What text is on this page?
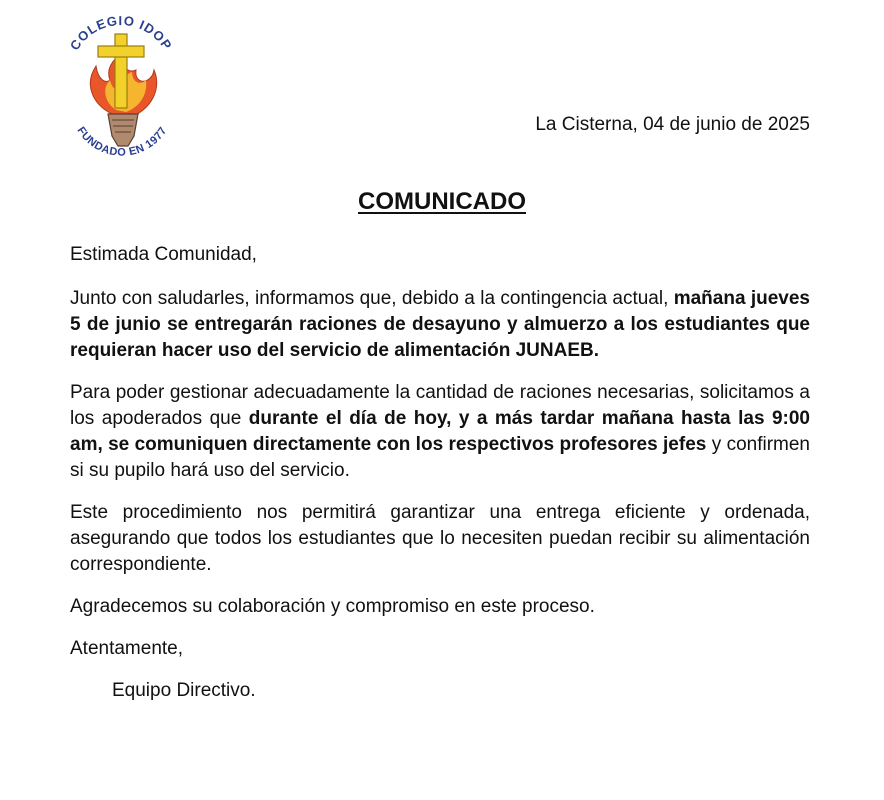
COLEGIO IDOP
FUNDADO EN 1977	La Cisterna, 04 de junio de 2025
COMUNICADO

Estimada Comunidad,

Junto con saludarles, informamos que, debido a la contingencia actual, mañana jueves 5 de junio se entregarán raciones de desayuno y almuerzo a los estudiantes que requieran hacer uso del servicio de alimentación JUNAEB.

Para poder gestionar adecuadamente la cantidad de raciones necesarias, solicitamos a los apoderados que durante el día de hoy, y a más tardar mañana hasta las 9:00 am, se comuniquen directamente con los respectivos profesores jefes y confirmen si su pupilo hará uso del servicio.

Este procedimiento nos permitirá garantizar una entrega eficiente y ordenada, asegurando que todos los estudiantes que lo necesiten puedan recibir su alimentación correspondiente.

Agradecemos su colaboración y compromiso en este proceso.

Atentamente,

Equipo Directivo.
